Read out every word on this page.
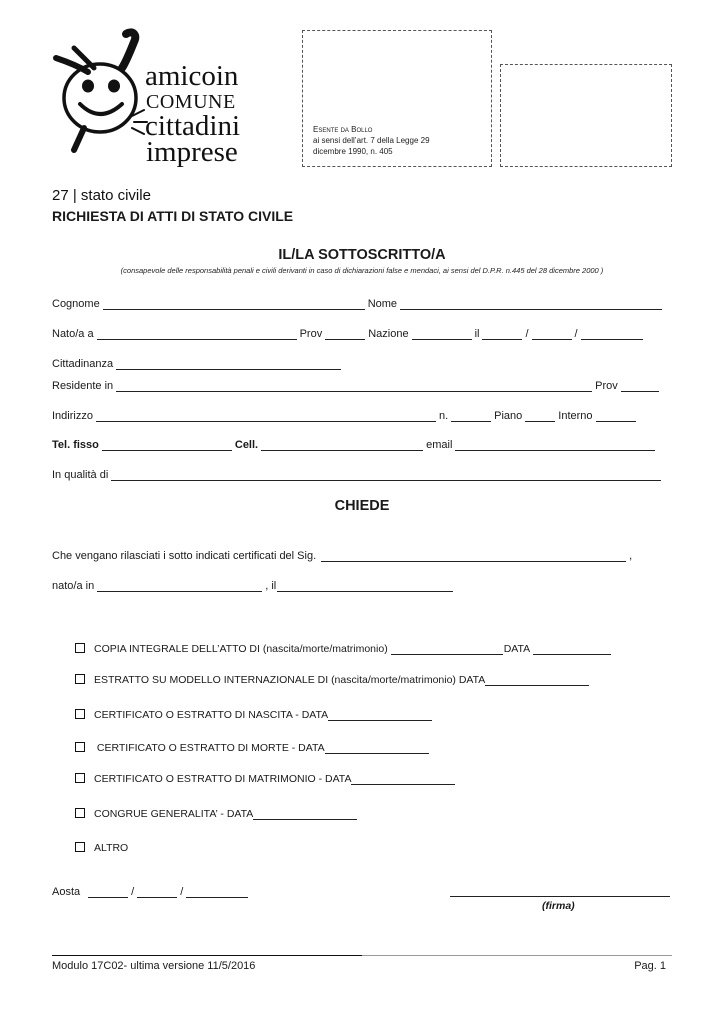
amicoin
COMUNE
cittadini
imprese
Esente da Bollo
ai sensi dell’art. 7 della Legge 29
dicembre 1990, n. 405
27 | stato civile
RICHIESTA DI ATTI DI STATO CIVILE
IL/LA SOTTOSCRITTO/A
(consapevole delle responsabilità penali e civili derivanti in caso di dichiarazioni false e mendaci, ai sensi del D.P.R. n.445 del 28 dicembre 2000 )
Cognome	Nome
Nato/a a	Prov	Nazione	il	/	/
Cittadinanza
Residente in	Prov
Indirizzo	n.	Piano	Interno
Tel. fisso	Cell.	email
In qualità di
CHIEDE
Che vengano rilasciati i sotto indicati certificati del Sig.	,
nato/a in	, il
COPIA INTEGRALE DELL’ATTO DI (nascita/morte/matrimonio)	DATA
ESTRATTO SU MODELLO INTERNAZIONALE DI (nascita/morte/matrimonio) DATA
CERTIFICATO O ESTRATTO DI NASCITA - DATA
CERTIFICATO O ESTRATTO DI MORTE - DATA
CERTIFICATO O ESTRATTO DI MATRIMONIO - DATA
CONGRUE GENERALITA’ - DATA
ALTRO
Aosta	/	/
(firma)
Modulo 17C02- ultima versione 11/5/2016	Pag. 1
